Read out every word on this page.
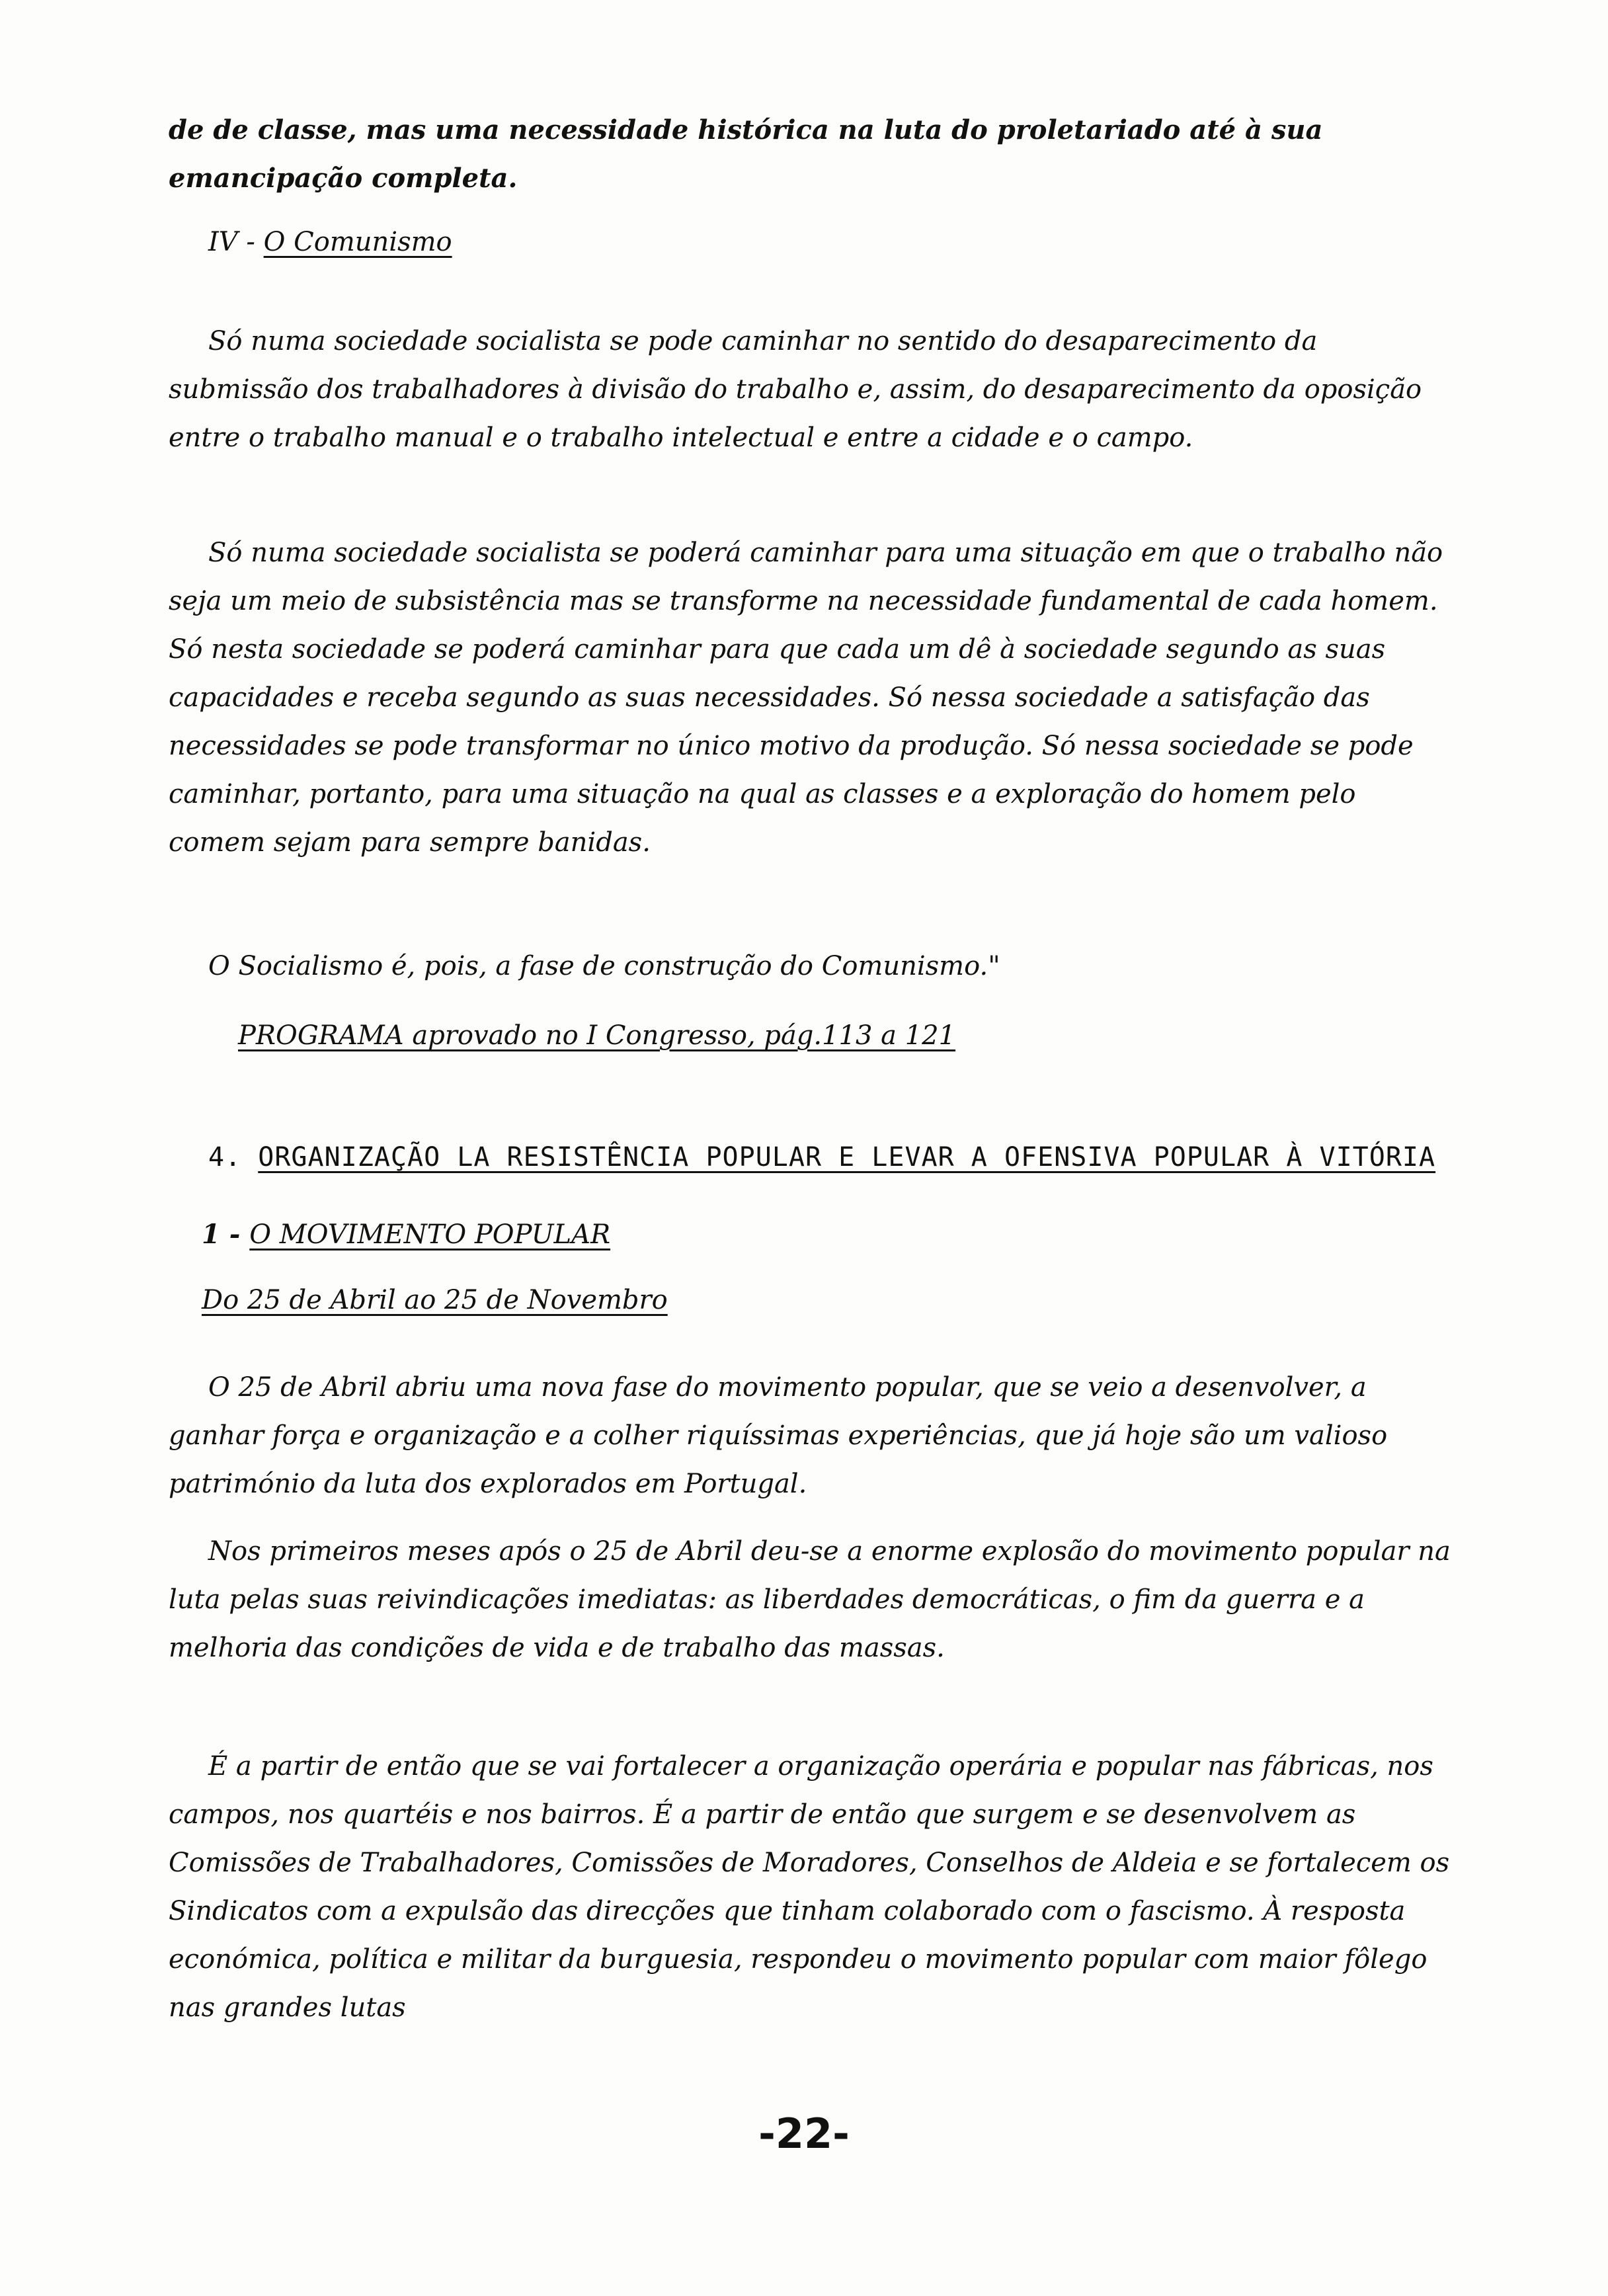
de de classe, mas uma necessidade histórica na luta do proletariado até à sua emancipação completa.

IV - O Comunismo

Só numa sociedade socialista se pode caminhar no sentido do desaparecimento da submissão dos trabalhadores à divisão do trabalho e, assim, do desaparecimento da oposição entre o trabalho manual e o trabalho intelectual e entre a cidade e o campo.

Só numa sociedade socialista se poderá caminhar para uma situação em que o trabalho não seja um meio de subsistência mas se transforme na necessidade fundamental de cada homem. Só nesta sociedade se poderá caminhar para que cada um dê à sociedade segundo as suas capacidades e receba segundo as suas necessidades. Só nessa sociedade a satisfação das necessidades se pode transformar no único motivo da produção. Só nessa sociedade se pode caminhar, portanto, para uma situação na qual as classes e a exploração do homem pelo comem sejam para sempre banidas.

O Socialismo é, pois, a fase de construção do Comunismo."

PROGRAMA aprovado no I Congresso, pág.113 a 121

4. ORGANIZAÇÃO LA RESISTÊNCIA POPULAR E LEVAR A OFENSIVA POPULAR À VITÓRIA

1 - O MOVIMENTO POPULAR

Do 25 de Abril ao 25 de Novembro

O 25 de Abril abriu uma nova fase do movimento popular, que se veio a desenvolver, a ganhar força e organização e a colher riquíssimas experiências, que já hoje são um valioso património da luta dos explorados em Portugal.

Nos primeiros meses após o 25 de Abril deu-se a enorme explosão do movimento popular na luta pelas suas reivindicações imediatas: as liberdades democráticas, o fim da guerra e a melhoria das condições de vida e de trabalho das massas.

É a partir de então que se vai fortalecer a organização operária e popular nas fábricas, nos campos, nos quartéis e nos bairros. É a partir de então que surgem e se desenvolvem as Comissões de Trabalhadores, Comissões de Moradores, Conselhos de Aldeia e se fortalecem os Sindicatos com a expulsão das direcções que tinham colaborado com o fascismo. À resposta económica, política e militar da burguesia, respondeu o movimento popular com maior fôlego nas grandes lutas

-22-
